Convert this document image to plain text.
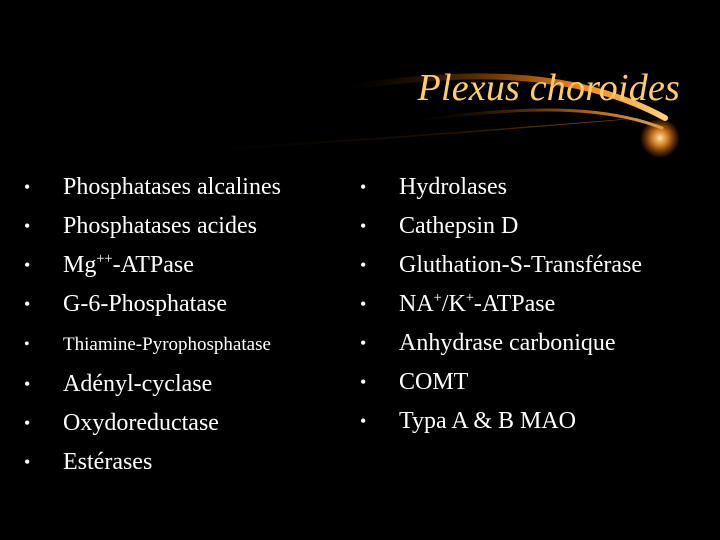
Plexus choroides
•	Phosphatases alcalines
•	Phosphatases acides
•	Mg++-ATPase
•	G-6-Phosphatase
•	Thiamine-Pyrophosphatase
•	Adényl-cyclase
•	Oxydoreductase
•	Estérases
•	Hydrolases
•	Cathepsin D
•	Gluthation-S-Transférase
•	NA+/K+-ATPase
•	Anhydrase carbonique
•	COMT
•	Typa A & B MAO
